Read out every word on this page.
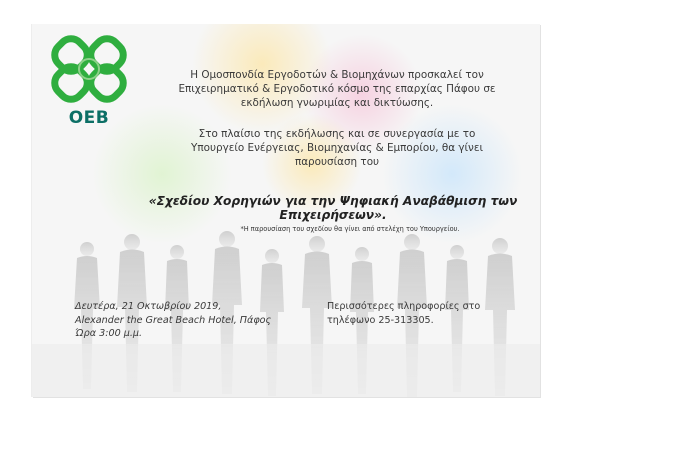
OEB
Η Ομοσπονδία Εργοδοτών & Βιομηχάνων προσκαλεί τον
Επιχειρηματικό & Εργοδοτικό κόσμο της επαρχίας Πάφου σε
εκδήλωση γνωριμίας και δικτύωσης.
Στο πλαίσιο της εκδήλωσης και σε συνεργασία με το
Υπουργείο Ενέργειας, Βιομηχανίας & Εμπορίου, θα γίνει
παρουσίαση του
«Σχεδίου Χορηγιών για την Ψηφιακή Αναβάθμιση των
Επιχειρήσεων».
*Η παρουσίαση του σχεδίου θα γίνει από στελέχη του Υπουργείου.
Δευτέρα, 21 Οκτωβρίου 2019,
Alexander the Great Beach Hotel, Πάφος
Ώρα 3:00 μ.μ.
Περισσότερες πληροφορίες στο
τηλέφωνο 25-313305.
